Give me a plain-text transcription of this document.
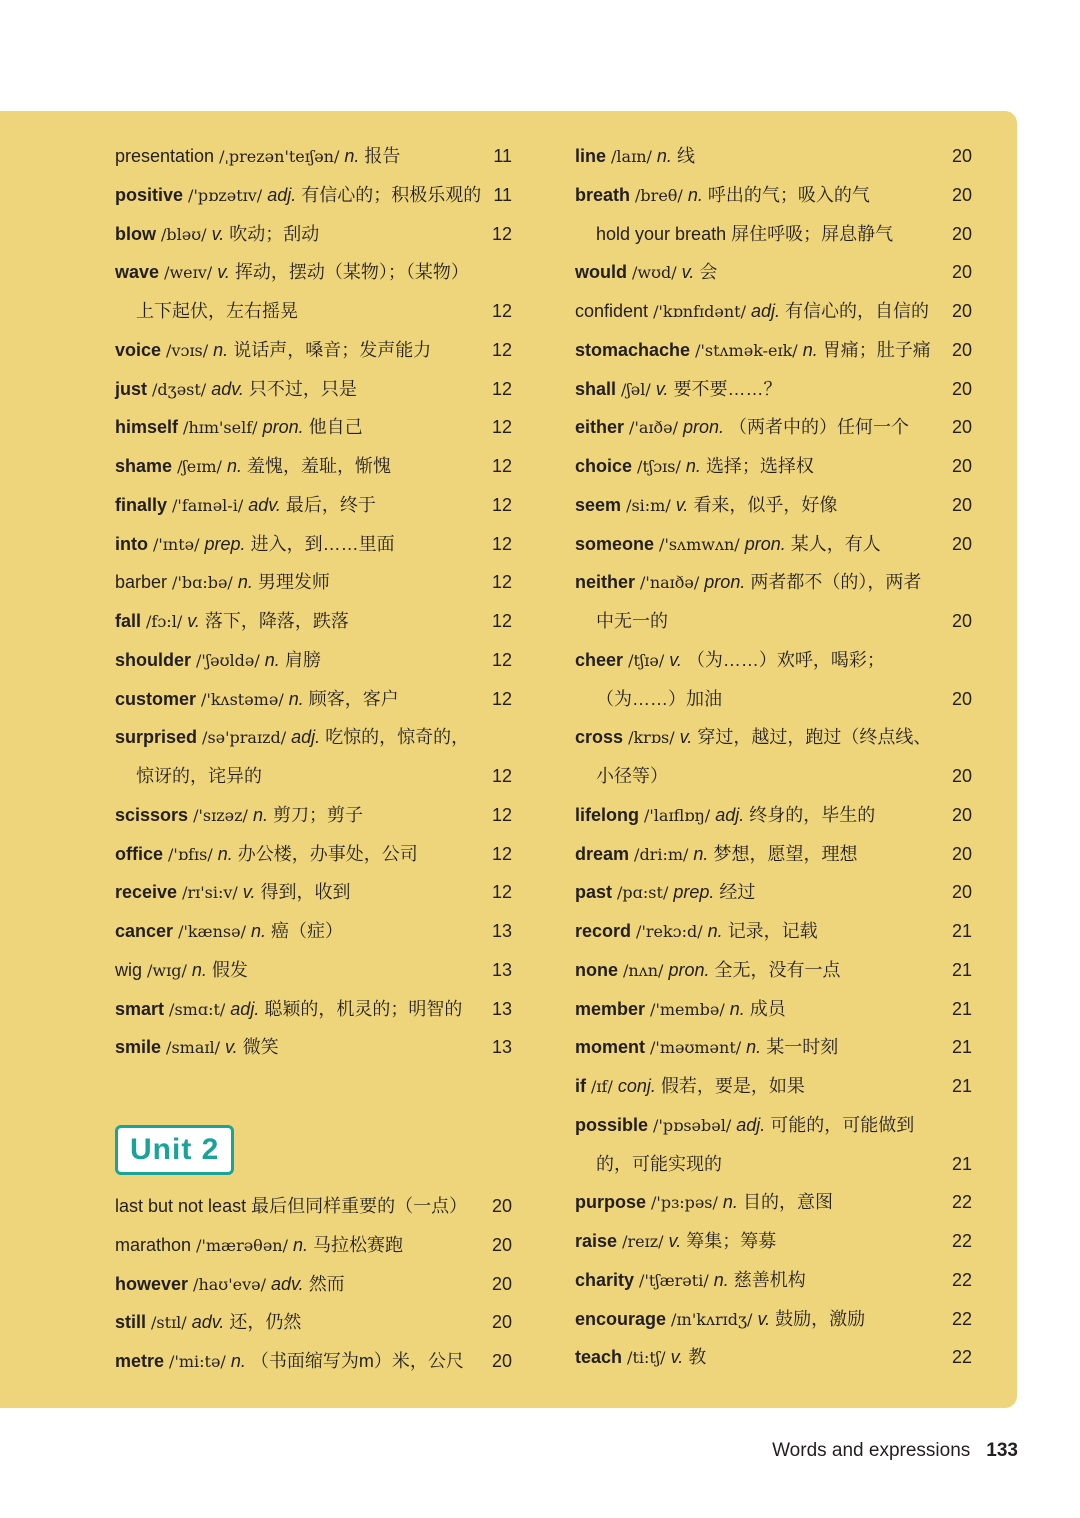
presentation /ˌprezən'teɪʃən/ n. 报告	11
positive /'pɒzətɪv/ adj. 有信心的；积极乐观的 11
blow /bləʊ/ v. 吹动；刮动	12
wave /weɪv/ v. 挥动，摆动（某物）；（某物）
上下起伏，左右摇晃	12
voice /vɔɪs/ n. 说话声，嗓音；发声能力	12
just /dʒəst/ adv. 只不过，只是	12
himself /hɪm'self/ pron. 他自己	12
shame /ʃeɪm/ n. 羞愧，羞耻，惭愧	12
finally /'faɪnəl-i/ adv. 最后，终于	12
into /'ɪntə/ prep. 进入，到……里面	12
barber /'bɑ:bə/ n. 男理发师	12
fall /fɔ:l/ v. 落下，降落，跌落	12
shoulder /'ʃəʊldə/ n. 肩膀	12
customer /'kʌstəmə/ n. 顾客，客户	12
surprised /sə'praɪzd/ adj. 吃惊的，惊奇的，
惊讶的，诧异的	12
scissors /'sɪzəz/ n. 剪刀；剪子	12
office /'ɒfɪs/ n. 办公楼，办事处，公司	12
receive /rɪ'si:v/ v. 得到，收到	12
cancer /'kænsə/ n. 癌（症）	13
wig /wɪg/ n. 假发	13
smart /smɑ:t/ adj. 聪颖的，机灵的；明智的 13
smile /smaɪl/ v. 微笑	13
Unit 2
last but not least 最后但同样重要的（一点） 20
marathon /'mærəθən/ n. 马拉松赛跑	20
however /haʊ'evə/ adv. 然而	20
still /stɪl/ adv. 还，仍然	20
metre /'mi:tə/ n. （书面缩写为m）米，公尺 20
line /laɪn/ n. 线	20
breath /breθ/ n. 呼出的气；吸入的气	20
hold your breath 屏住呼吸；屏息静气	20
would /wʊd/ v. 会	20
confident /'kɒnfɪdənt/ adj. 有信心的，自信的 20
stomachache /'stʌmək-eɪk/ n. 胃痛；肚子痛 20
shall /ʃəl/ v. 要不要……？	20
either /'aɪðə/ pron. （两者中的）任何一个 20
choice /tʃɔɪs/ n. 选择；选择权	20
seem /si:m/ v. 看来，似乎，好像	20
someone /'sʌmwʌn/ pron. 某人，有人	20
neither /'naɪðə/ pron. 两者都不（的），两者
中无一的	20
cheer /tʃɪə/ v. （为……）欢呼，喝彩；
（为……）加油	20
cross /krɒs/ v. 穿过，越过，跑过（终点线、
小径等）	20
lifelong /'laɪflɒŋ/ adj. 终身的，毕生的	20
dream /dri:m/ n. 梦想，愿望，理想	20
past /pɑ:st/ prep. 经过	20
record /'rekɔ:d/ n. 记录，记载	21
none /nʌn/ pron. 全无，没有一点	21
member /'membə/ n. 成员	21
moment /'məʊmənt/ n. 某一时刻	21
if /ɪf/ conj. 假若，要是，如果	21
possible /'pɒsəbəl/ adj. 可能的，可能做到
的，可能实现的	21
purpose /'pɜ:pəs/ n. 目的，意图	22
raise /reɪz/ v. 筹集；筹募	22
charity /'tʃærəti/ n. 慈善机构	22
encourage /ɪn'kʌrɪdʒ/ v. 鼓励，激励	22
teach /ti:tʃ/ v. 教	22
Words and expressions 133
